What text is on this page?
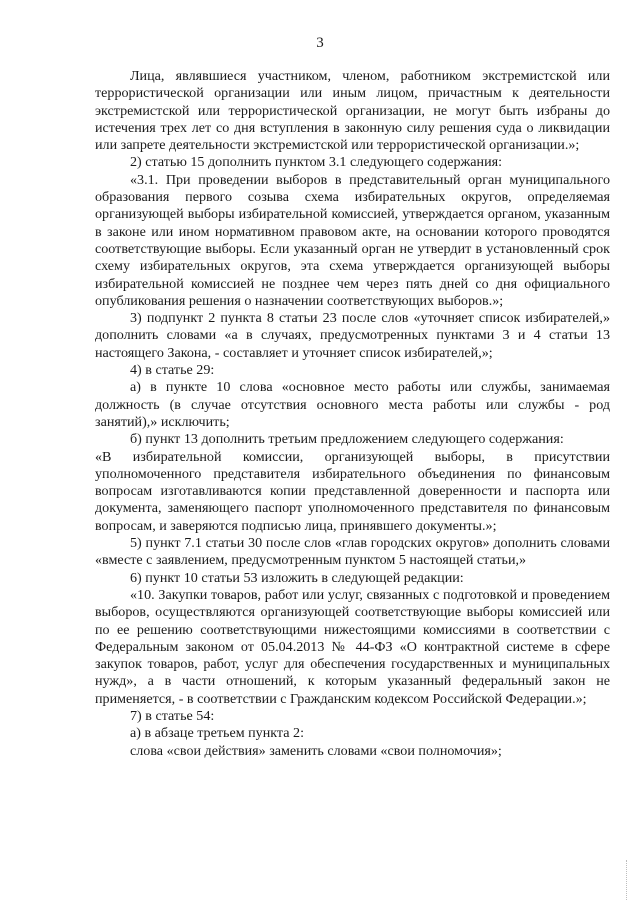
3

Лица, являвшиеся участником, членом, работником экстремистской или террористической организации или иным лицом, причастным к деятельности экстремистской или террористической организации, не могут быть избраны до истечения трех лет со дня вступления в законную силу решения суда о ликвидации или запрете деятельности экстремистской или террористической организации.»;

2) статью 15 дополнить пунктом 3.1 следующего содержания:

«3.1. При проведении выборов в представительный орган муниципального образования первого созыва схема избирательных округов, определяемая организующей выборы избирательной комиссией, утверждается органом, указанным в законе или ином нормативном правовом акте, на основании которого проводятся соответствующие выборы. Если указанный орган не утвердит в установленный срок схему избирательных округов, эта схема утверждается организующей выборы избирательной комиссией не позднее чем через пять дней со дня официального опубликования решения о назначении соответствующих выборов.»;

3) подпункт 2 пункта 8 статьи 23 после слов «уточняет список избирателей,» дополнить словами «а в случаях, предусмотренных пунктами 3 и 4 статьи 13 настоящего Закона, - составляет и уточняет список избирателей,»;

4) в статье 29:

а) в пункте 10 слова «основное место работы или службы, занимаемая должность (в случае отсутствия основного места работы или службы - род занятий),» исключить;

б) пункт 13 дополнить третьим предложением следующего содержания:

«В избирательной комиссии, организующей выборы, в присутствии уполномоченного представителя избирательного объединения по финансовым вопросам изготавливаются копии представленной доверенности и паспорта или документа, заменяющего паспорт уполномоченного представителя по финансовым вопросам, и заверяются подписью лица, принявшего документы.»;

5) пункт 7.1 статьи 30 после слов «глав городских округов» дополнить словами «вместе с заявлением, предусмотренным пунктом 5 настоящей статьи,»

6) пункт 10 статьи 53 изложить в следующей редакции:

«10. Закупки товаров, работ или услуг, связанных с подготовкой и проведением выборов, осуществляются организующей соответствующие выборы комиссией или по ее решению соответствующими нижестоящими комиссиями в соответствии с Федеральным законом от 05.04.2013 № 44-ФЗ «О контрактной системе в сфере закупок товаров, работ, услуг для обеспечения государственных и муниципальных нужд», а в части отношений, к которым указанный федеральный закон не применяется, - в соответствии с Гражданским кодексом Российской Федерации.»;

7) в статье 54:

а) в абзаце третьем пункта 2:

слова «свои действия» заменить словами «свои полномочия»;
